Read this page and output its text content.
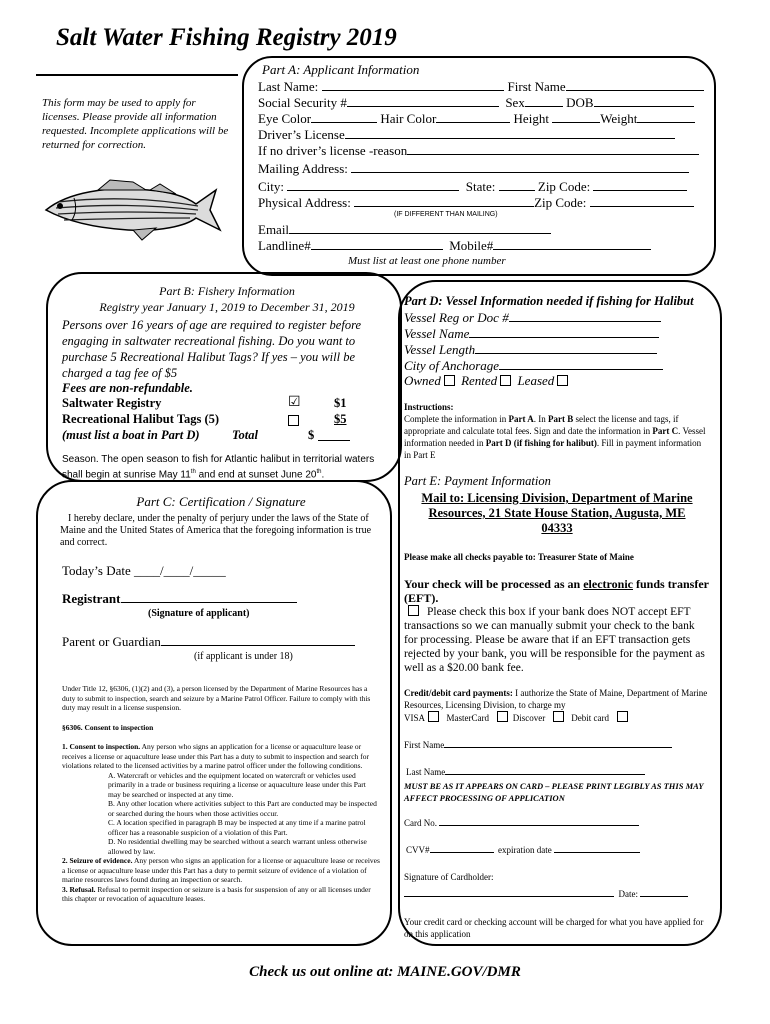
Salt Water Fishing Registry 2019
This form may be used to apply for licenses. Please provide all information requested. Incomplete applications will be returned for correction.
Part A: Applicant Information
Last Name:	First Name
Social Security #	Sex	DOB
Eye Color	Hair Color	Height	Weight
Driver’s License
If no driver’s license -reason
Mailing Address:
City:	State:	Zip Code:
Physical Address:	Zip Code:
(IF DIFFERENT THAN MAILING)
Email
Landline#	Mobile#
Must list at least one phone number
Part B: Fishery Information
Registry year January 1, 2019 to December 31, 2019
Persons over 16 years of age are required to register before engaging in saltwater recreational fishing. Do you want to purchase 5 Recreational Halibut Tags? If yes – you will be charged a tag fee of $5
Fees are non-refundable.
Saltwater Registry	☑	$1
Recreational Halibut Tags (5)	$5
(must list a boat in Part D)	Total	$
Season. The open season to fish for Atlantic halibut in territorial waters shall begin at sunrise May 11th and end at sunset June 20th.
Part C: Certification / Signature
I hereby declare, under the penalty of perjury under the laws of the State of Maine and the United States of America that the foregoing information is true and correct.
Today’s Date ____/____/_____
Registrant
(Signature of applicant)
Parent or Guardian
(if applicant is under 18)
Under Title 12, §6306, (1)(2) and (3), a person licensed by the Department of Marine Resources has a duty to submit to inspection, search and seizure by a Marine Patrol Officer. Failure to comply with this duty may result in a license suspension.
§6306. Consent to inspection
1. Consent to inspection. Any person who signs an application for a license or aquaculture lease or receives a license or aquaculture lease under this Part has a duty to submit to inspection and search for violations related to the licensed activities by a marine patrol officer under the following conditions.
A. Watercraft or vehicles and the equipment located on watercraft or vehicles used primarily in a trade or business requiring a license or aquaculture lease under this Part may be searched or inspected at any time.
B. Any other location where activities subject to this Part are conducted may be inspected or searched during the hours when those activities occur.
C. A location specified in paragraph B may be inspected at any time if a marine patrol officer has a reasonable suspicion of a violation of this Part.
D. No residential dwelling may be searched without a search warrant unless otherwise allowed by law.
2. Seizure of evidence. Any person who signs an application for a license or aquaculture lease or receives a license or aquaculture lease under this Part has a duty to permit seizure of evidence of a violation of marine resources laws found during an inspection or search.
3. Refusal. Refusal to permit inspection or seizure is a basis for suspension of any or all licenses under this chapter or revocation of aquaculture leases.
Part D: Vessel Information needed if fishing for Halibut
Vessel Reg or Doc #
Vessel Name
Vessel Length
City of Anchorage
Owned Rented Leased
Instructions:
Complete the information in Part A. In Part B select the license and tags, if appropriate and calculate total fees. Sign and date the information in Part C. Vessel information needed in Part D (if fishing for halibut). Fill in payment information in Part E
Part E: Payment Information
Mail to: Licensing Division, Department of Marine Resources, 21 State House Station, Augusta, ME 04333
Please make all checks payable to: Treasurer State of Maine
Your check will be processed as an electronic funds transfer (EFT).
Please check this box if your bank does NOT accept EFT transactions so we can manually submit your check to the bank for processing. Please be aware that if an EFT transaction gets rejected by your bank, you will be responsible for the payment as well as a $20.00 bank fee.
Credit/debit card payments: I authorize the State of Maine, Department of Marine Resources, Licensing Division, to charge my
VISA MasterCard	Discover	Debit card
First Name
Last Name
MUST BE AS IT APPEARS ON CARD – PLEASE PRINT LEGIBLY AS THIS MAY AFFECT PROCESSING OF APPLICATION
Card No.
CVV#	expiration date
Signature of Cardholder:
Date:
Your credit card or checking account will be charged for what you have applied for on this application
Check us out online at: MAINE.GOV/DMR
